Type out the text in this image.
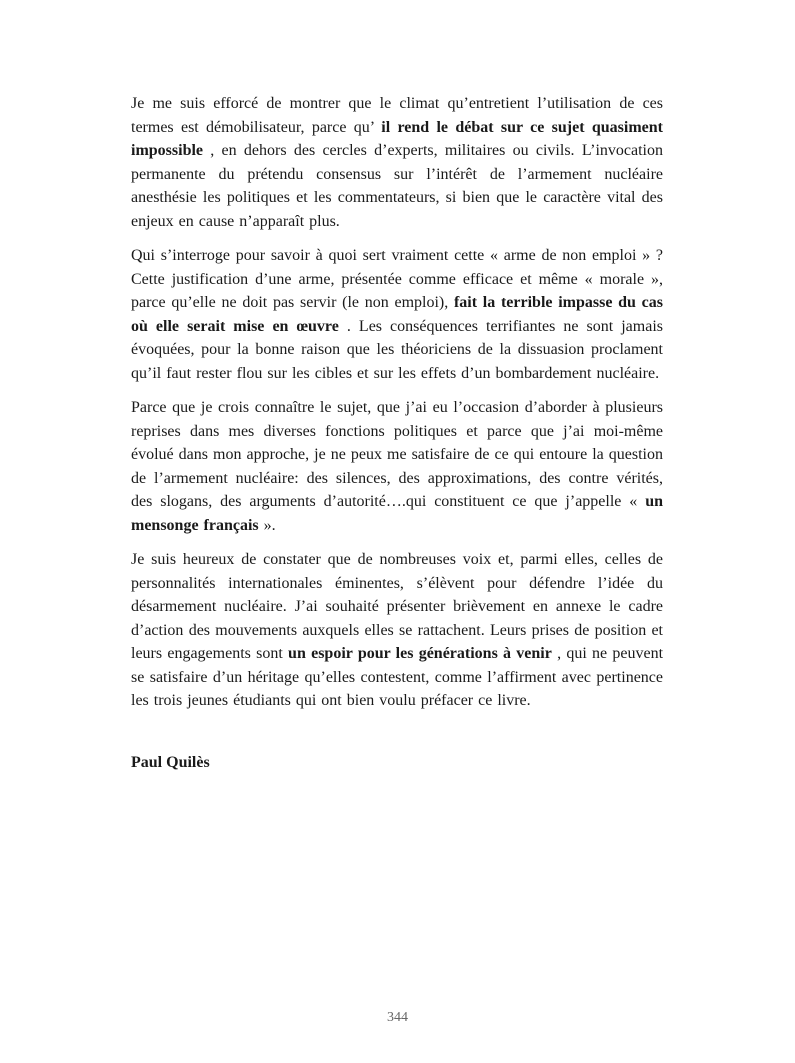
Je me suis efforcé de montrer que le climat qu’entretient l’utilisation de ces termes est démobilisateur, parce qu’ il rend le débat sur ce sujet quasiment impossible , en dehors des cercles d’experts, militaires ou civils. L’invocation permanente du prétendu consensus sur l’intérêt de l’armement nucléaire anesthésie les politiques et les commentateurs, si bien que le caractère vital des enjeux en cause n’apparaît plus.

Qui s’interroge pour savoir à quoi sert vraiment cette « arme de non emploi » ? Cette justification d’une arme, présentée comme efficace et même « morale », parce qu’elle ne doit pas servir (le non emploi), fait la terrible impasse du cas où elle serait mise en œuvre . Les conséquences terrifiantes ne sont jamais évoquées, pour la bonne raison que les théoriciens de la dissuasion proclament qu’il faut rester flou sur les cibles et sur les effets d’un bombardement nucléaire.

Parce que je crois connaître le sujet, que j’ai eu l’occasion d’aborder à plusieurs reprises dans mes diverses fonctions politiques et parce que j’ai moi-même évolué dans mon approche, je ne peux me satisfaire de ce qui entoure la question de l’armement nucléaire: des silences, des approximations, des contre vérités, des slogans, des arguments d’autorité….qui constituent ce que j’appelle « un mensonge français ».

Je suis heureux de constater que de nombreuses voix et, parmi elles, celles de personnalités internationales éminentes, s’élèvent pour défendre l’idée du désarmement nucléaire. J’ai souhaité présenter brièvement en annexe le cadre d’action des mouvements auxquels elles se rattachent. Leurs prises de position et leurs engagements sont un espoir pour les générations à venir , qui ne peuvent se satisfaire d’un héritage qu’elles contestent, comme l’affirment avec pertinence les trois jeunes étudiants qui ont bien voulu préfacer ce livre.

Paul Quilès
344
